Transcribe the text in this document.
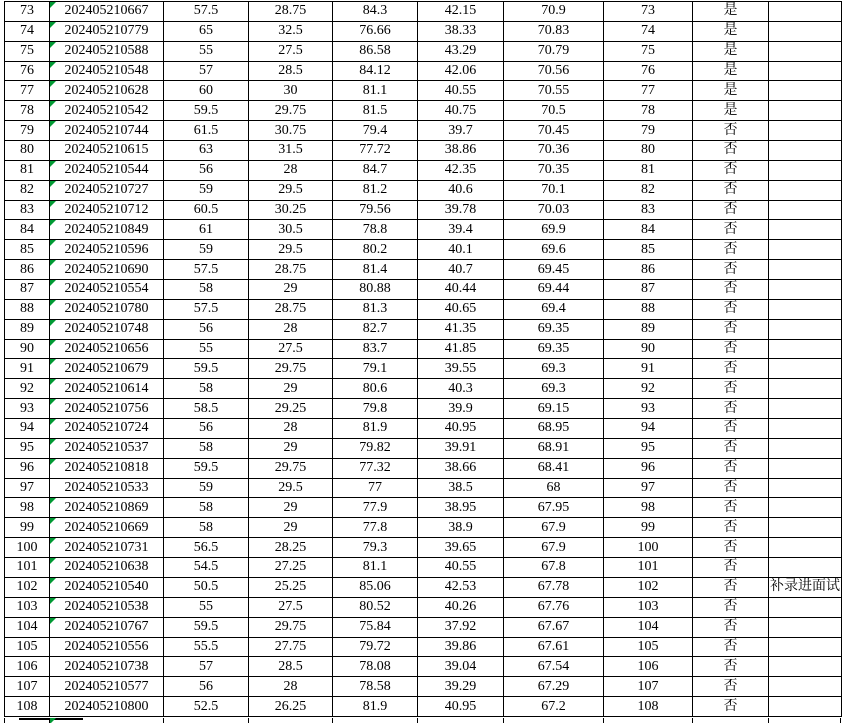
73	202405210667	57.5	28.75	84.3	42.15	70.9	73	是	
74	202405210779	65	32.5	76.66	38.33	70.83	74	是	
75	202405210588	55	27.5	86.58	43.29	70.79	75	是	
76	202405210548	57	28.5	84.12	42.06	70.56	76	是	
77	202405210628	60	30	81.1	40.55	70.55	77	是	
78	202405210542	59.5	29.75	81.5	40.75	70.5	78	是	
79	202405210744	61.5	30.75	79.4	39.7	70.45	79	否	
80	202405210615	63	31.5	77.72	38.86	70.36	80	否	
81	202405210544	56	28	84.7	42.35	70.35	81	否	
82	202405210727	59	29.5	81.2	40.6	70.1	82	否	
83	202405210712	60.5	30.25	79.56	39.78	70.03	83	否	
84	202405210849	61	30.5	78.8	39.4	69.9	84	否	
85	202405210596	59	29.5	80.2	40.1	69.6	85	否	
86	202405210690	57.5	28.75	81.4	40.7	69.45	86	否	
87	202405210554	58	29	80.88	40.44	69.44	87	否	
88	202405210780	57.5	28.75	81.3	40.65	69.4	88	否	
89	202405210748	56	28	82.7	41.35	69.35	89	否	
90	202405210656	55	27.5	83.7	41.85	69.35	90	否	
91	202405210679	59.5	29.75	79.1	39.55	69.3	91	否	
92	202405210614	58	29	80.6	40.3	69.3	92	否	
93	202405210756	58.5	29.25	79.8	39.9	69.15	93	否	
94	202405210724	56	28	81.9	40.95	68.95	94	否	
95	202405210537	58	29	79.82	39.91	68.91	95	否	
96	202405210818	59.5	29.75	77.32	38.66	68.41	96	否	
97	202405210533	59	29.5	77	38.5	68	97	否	
98	202405210869	58	29	77.9	38.95	67.95	98	否	
99	202405210669	58	29	77.8	38.9	67.9	99	否	
100	202405210731	56.5	28.25	79.3	39.65	67.9	100	否	
101	202405210638	54.5	27.25	81.1	40.55	67.8	101	否	
102	202405210540	50.5	25.25	85.06	42.53	67.78	102	否	补录进面试
103	202405210538	55	27.5	80.52	40.26	67.76	103	否	
104	202405210767	59.5	29.75	75.84	37.92	67.67	104	否	
105	202405210556	55.5	27.75	79.72	39.86	67.61	105	否	
106	202405210738	57	28.5	78.08	39.04	67.54	106	否	
107	202405210577	56	28	78.58	39.29	67.29	107	否	
108	202405210800	52.5	26.25	81.9	40.95	67.2	108	否	
